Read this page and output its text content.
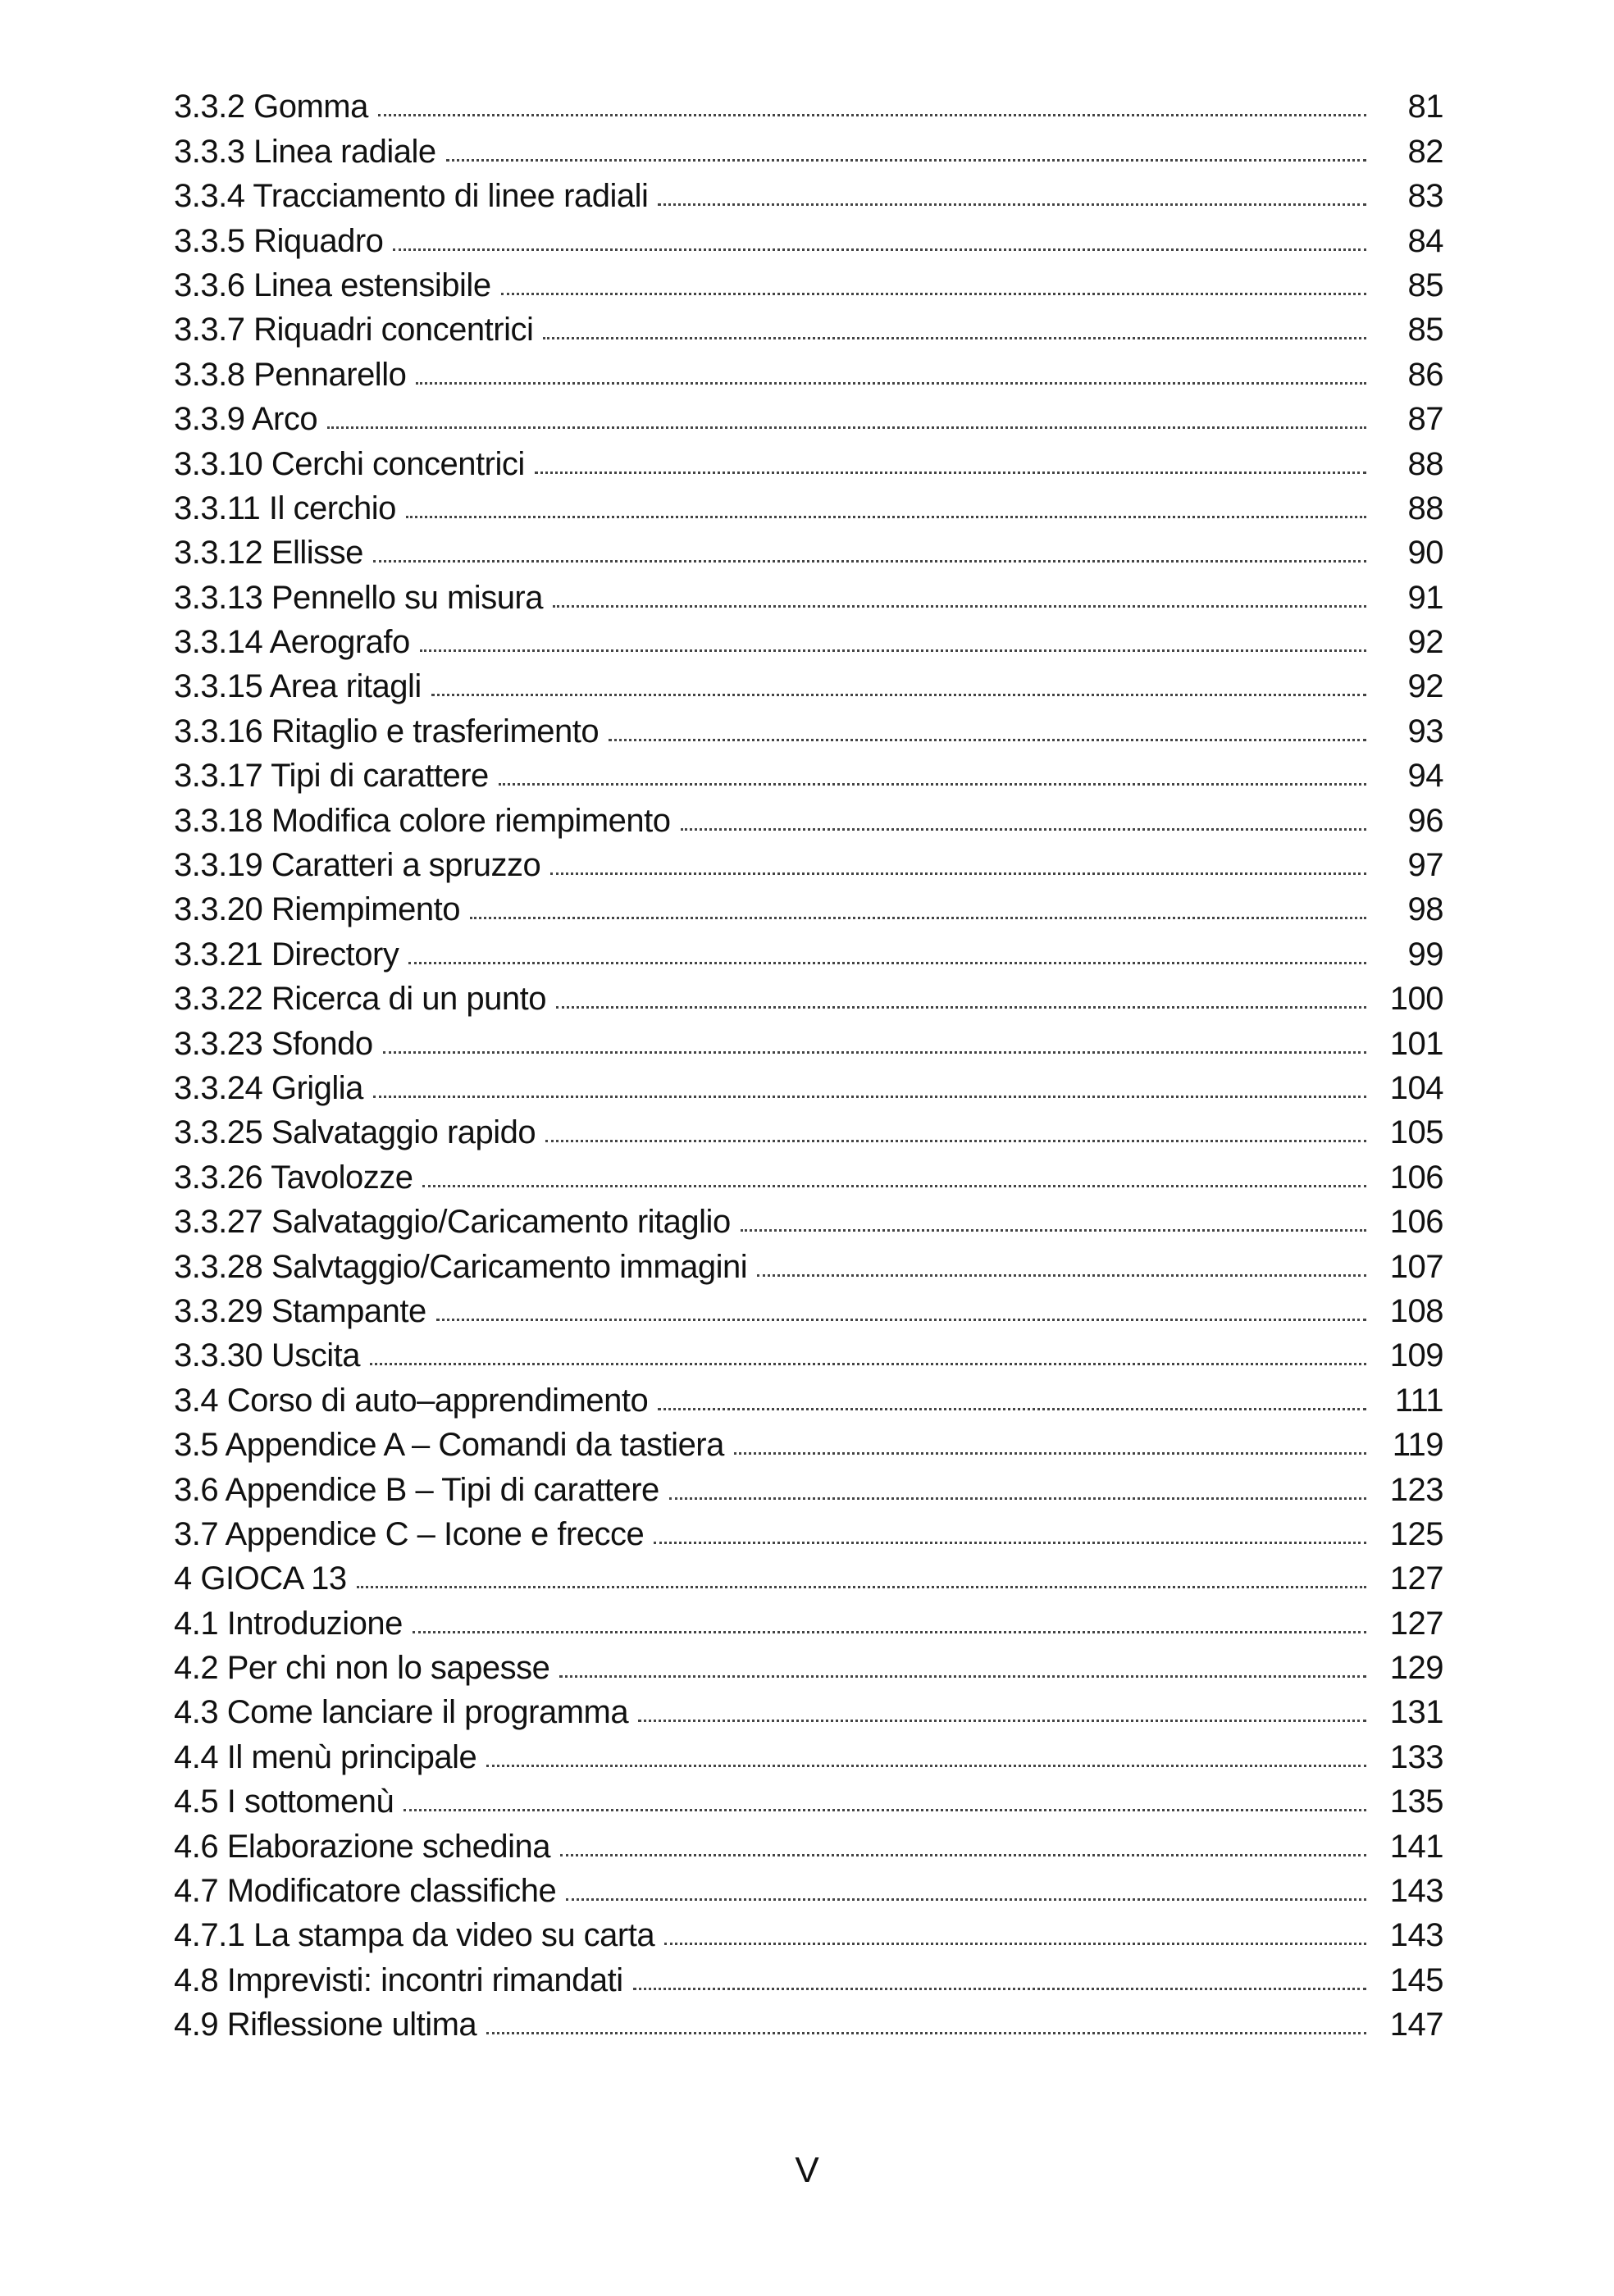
3.3.2 Gomma	81
3.3.3 Linea radiale	82
3.3.4 Tracciamento di linee radiali	83
3.3.5 Riquadro	84
3.3.6 Linea estensibile	85
3.3.7 Riquadri concentrici	85
3.3.8 Pennarello	86
3.3.9 Arco	87
3.3.10 Cerchi concentrici	88
3.3.11 Il cerchio	88
3.3.12 Ellisse	90
3.3.13 Pennello su misura	91
3.3.14 Aerografo	92
3.3.15 Area ritagli	92
3.3.16 Ritaglio e trasferimento	93
3.3.17 Tipi di carattere	94
3.3.18 Modifica colore riempimento	96
3.3.19 Caratteri a spruzzo	97
3.3.20 Riempimento	98
3.3.21 Directory	99
3.3.22 Ricerca di un punto	100
3.3.23 Sfondo	101
3.3.24 Griglia	104
3.3.25 Salvataggio rapido	105
3.3.26 Tavolozze	106
3.3.27 Salvataggio/Caricamento ritaglio	106
3.3.28 Salvtaggio/Caricamento immagini	107
3.3.29 Stampante	108
3.3.30 Uscita	109
3.4 Corso di auto–apprendimento	111
3.5 Appendice A – Comandi da tastiera	119
3.6 Appendice B – Tipi di carattere	123
3.7 Appendice C – Icone e frecce	125
4 GIOCA 13	127
4.1 Introduzione	127
4.2 Per chi non lo sapesse	129
4.3 Come lanciare il programma	131
4.4 Il menù principale	133
4.5 I sottomenù	135
4.6 Elaborazione schedina	141
4.7 Modificatore classifiche	143
4.7.1 La stampa da video su carta	143
4.8 Imprevisti: incontri rimandati	145
4.9 Riflessione ultima	147
V
